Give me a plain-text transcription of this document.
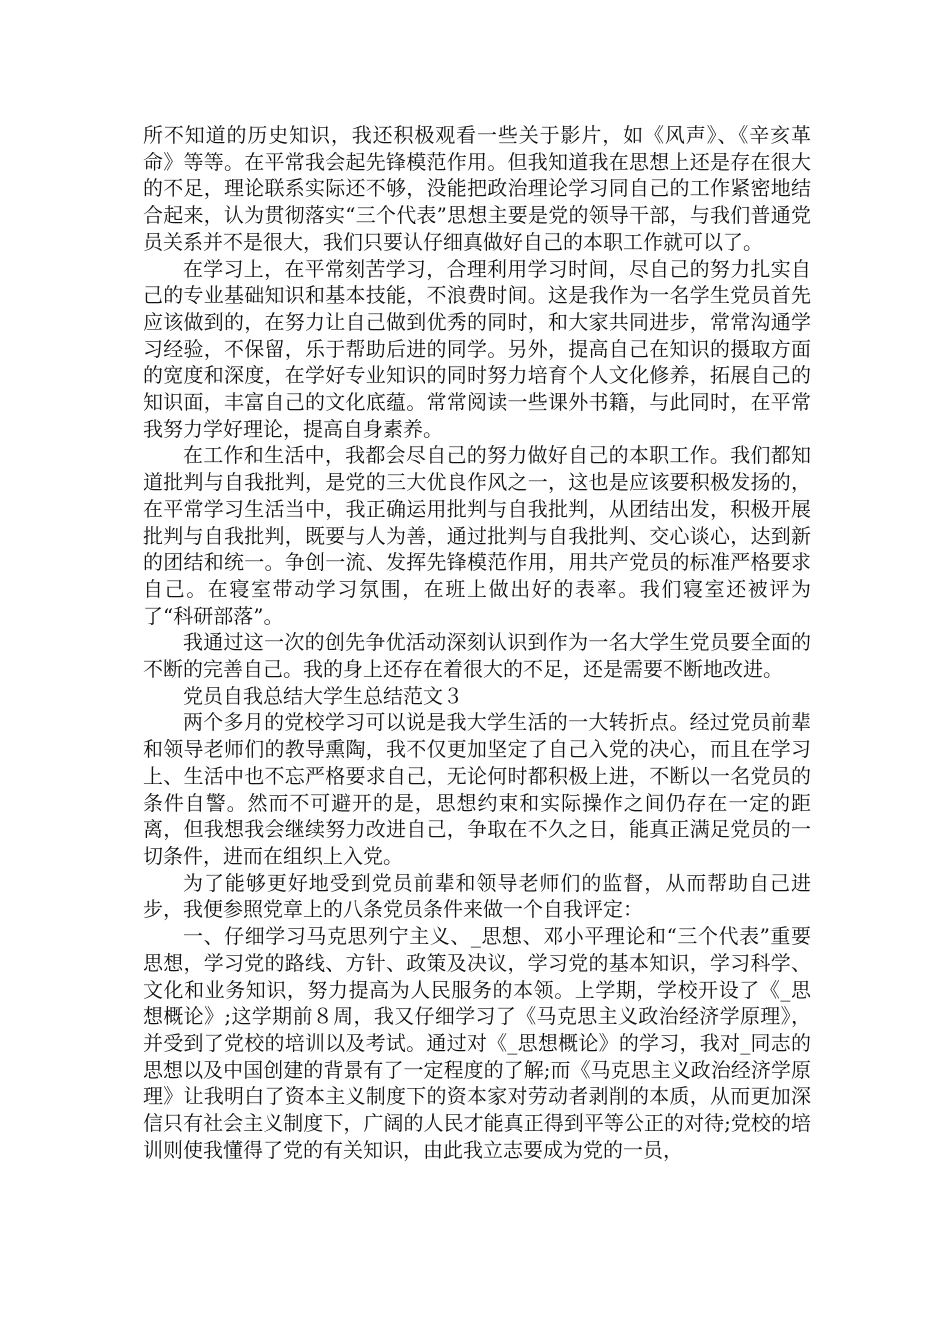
所不知道的历史知识，我还积极观看一些关于影片，如《风声》、《辛亥革命》等等。在平常我会起先锋模范作用。但我知道我在思想上还是存在很大的不足，理论联系实际还不够，没能把政治理论学习同自己的工作紧密地结合起来，认为贯彻落实“三个代表”思想主要是党的领导干部，与我们普通党员关系并不是很大，我们只要认仔细真做好自己的本职工作就可以了。

在学习上，在平常刻苦学习，合理利用学习时间，尽自己的努力扎实自己的专业基础知识和基本技能，不浪费时间。这是我作为一名学生党员首先应该做到的，在努力让自己做到优秀的同时，和大家共同进步，常常沟通学习经验，不保留，乐于帮助后进的同学。另外，提高自己在知识的摄取方面的宽度和深度，在学好专业知识的同时努力培育个人文化修养，拓展自己的知识面，丰富自己的文化底蕴。常常阅读一些课外书籍，与此同时，在平常我努力学好理论，提高自身素养。

在工作和生活中，我都会尽自己的努力做好自己的本职工作。我们都知道批判与自我批判，是党的三大优良作风之一，这也是应该要积极发扬的，在平常学习生活当中，我正确运用批判与自我批判，从团结出发，积极开展批判与自我批判，既要与人为善，通过批判与自我批判、交心谈心，达到新的团结和统一。争创一流、发挥先锋模范作用，用共产党员的标准严格要求自己。在寝室带动学习氛围，在班上做出好的表率。我们寝室还被评为了“科研部落”。

我通过这一次的创先争优活动深刻认识到作为一名大学生党员要全面的不断的完善自己。我的身上还存在着很大的不足，还是需要不断地改进。

党员自我总结大学生总结范文３

两个多月的党校学习可以说是我大学生活的一大转折点。经过党员前辈和领导老师们的教导熏陶，我不仅更加坚定了自己入党的决心，而且在学习上、生活中也不忘严格要求自己，无论何时都积极上进，不断以一名党员的条件自警。然而不可避开的是，思想约束和实际操作之间仍存在一定的距离，但我想我会继续努力改进自己，争取在不久之日，能真正满足党员的一切条件，进而在组织上入党。

为了能够更好地受到党员前辈和领导老师们的监督，从而帮助自己进步，我便参照党章上的八条党员条件来做一个自我评定：

一、仔细学习马克思列宁主义、_思想、邓小平理论和“三个代表”重要思想，学习党的路线、方针、政策及决议，学习党的基本知识，学习科学、文化和业务知识，努力提高为人民服务的本领。上学期，学校开设了《_思想概论》;这学期前８周，我又仔细学习了《马克思主义政治经济学原理》，并受到了党校的培训以及考试。通过对《_思想概论》的学习，我对_同志的思想以及中国创建的背景有了一定程度的了解;而《马克思主义政治经济学原理》让我明白了资本主义制度下的资本家对劳动者剥削的本质，从而更加深信只有社会主义制度下，广阔的人民才能真正得到平等公正的对待;党校的培训则使我懂得了党的有关知识，由此我立志要成为党的一员，
